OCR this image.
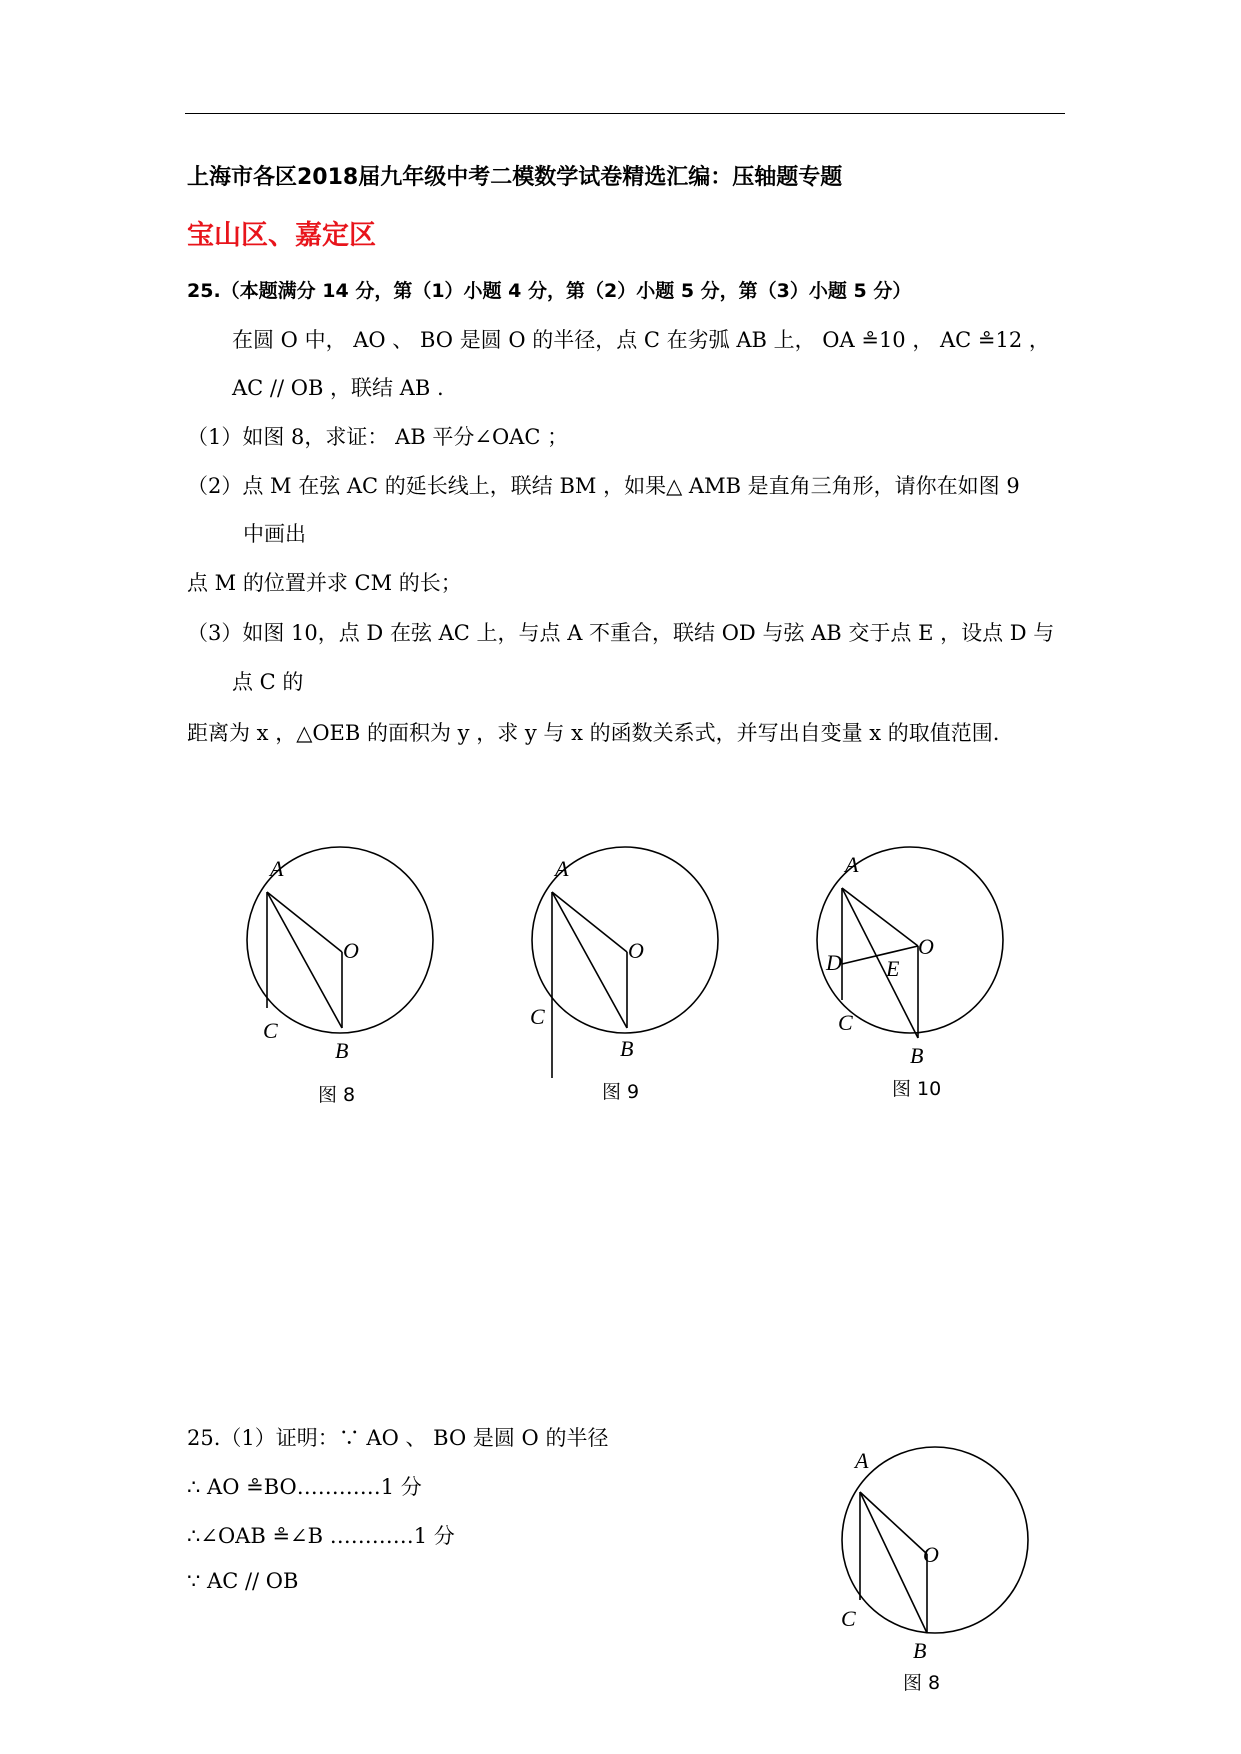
上海市各区2018届九年级中考二模数学试卷精选汇编：压轴题专题
宝山区、嘉定区
25.（本题满分 14 分，第（1）小题 4 分，第（2）小题 5 分，第（3）小题 5 分）
在圆 O 中， AO 、 BO 是圆 O 的半径，点 C 在劣弧 AB 上， OA ≗10 ， AC ≗12 ，
AC // OB ，联结 AB .
（1）如图 8，求证： AB 平分∠OAC ；
（2）点 M 在弦 AC 的延长线上，联结 BM ，如果△ AMB 是直角三角形，请你在如图 9
中画出
点 M 的位置并求 CM 的长；
（3）如图 10，点 D 在弦 AC 上，与点 A 不重合，联结 OD 与弦 AB 交于点 E ，设点 D 与
点 C 的
距离为 x ，△OEB 的面积为 y ，求 y 与 x 的函数关系式，并写出自变量 x 的取值范围.
A
O
C
B
图 8
A
O
C
B
图 9
A
O
D E
C
B
图 10
25.（1）证明：∵ AO 、 BO 是圆 O 的半径
∴ AO ≗BO…………1 分
∴∠OAB ≗∠B …………1 分
∵ AC // OB
A
O
C
B
图 8
